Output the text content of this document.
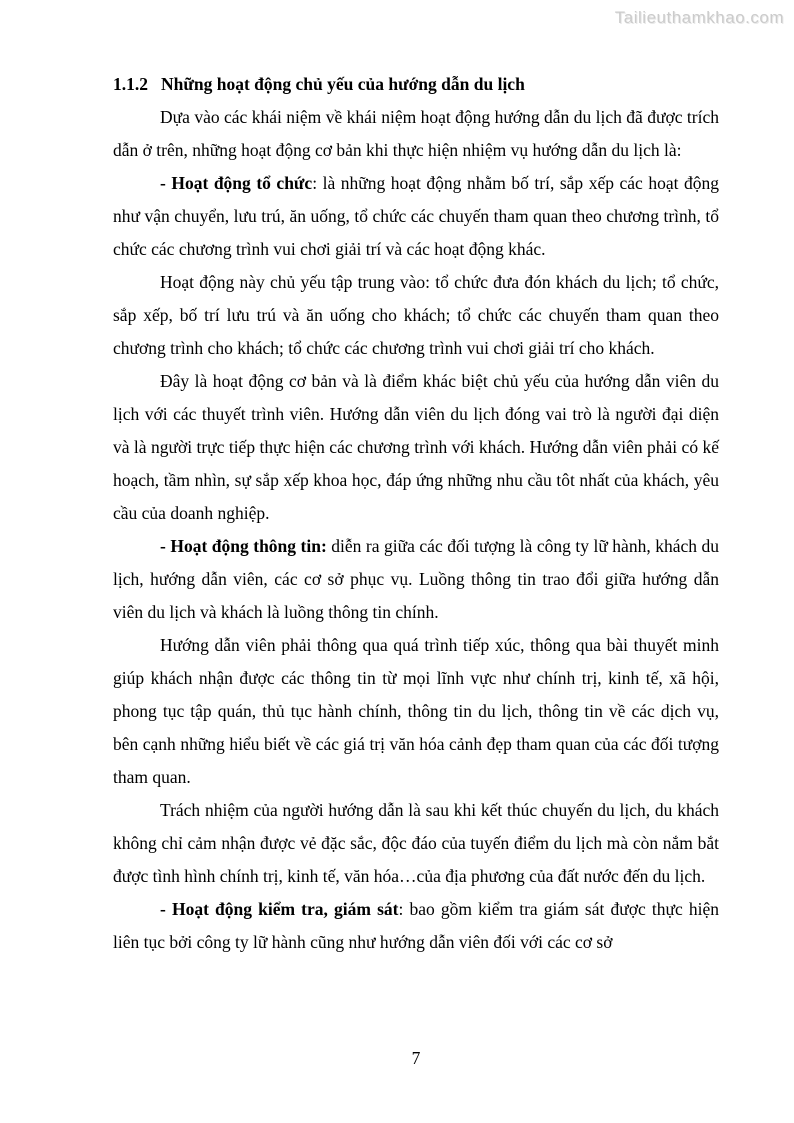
Tailieuthamkhao.com
1.1.2 Những hoạt động chủ yếu của hướng dẫn du lịch

Dựa vào các khái niệm về khái niệm hoạt động hướng dẫn du lịch đã được trích dẫn ở trên, những hoạt động cơ bản khi thực hiện nhiệm vụ hướng dẫn du lịch là:

- Hoạt động tổ chức: là những hoạt động nhằm bố trí, sắp xếp các hoạt động như vận chuyển, lưu trú, ăn uống, tổ chức các chuyến tham quan theo chương trình, tổ chức các chương trình vui chơi giải trí và các hoạt động khác.

Hoạt động này chủ yếu tập trung vào: tổ chức đưa đón khách du lịch; tổ chức, sắp xếp, bố trí lưu trú và ăn uống cho khách; tổ chức các chuyến tham quan theo chương trình cho khách; tổ chức các chương trình vui chơi giải trí cho khách.

Đây là hoạt động cơ bản và là điểm khác biệt chủ yếu của hướng dẫn viên du lịch với các thuyết trình viên. Hướng dẫn viên du lịch đóng vai trò là người đại diện và là người trực tiếp thực hiện các chương trình với khách. Hướng dẫn viên phải có kế hoạch, tầm nhìn, sự sắp xếp khoa học, đáp ứng những nhu cầu tôt nhất của khách, yêu cầu của doanh nghiệp.

- Hoạt động thông tin: diễn ra giữa các đối tượng là công ty lữ hành, khách du lịch, hướng dẫn viên, các cơ sở phục vụ. Luồng thông tin trao đổi giữa hướng dẫn viên du lịch và khách là luồng thông tin chính.

Hướng dẫn viên phải thông qua quá trình tiếp xúc, thông qua bài thuyết minh giúp khách nhận được các thông tin từ mọi lĩnh vực như chính trị, kinh tế, xã hội, phong tục tập quán, thủ tục hành chính, thông tin du lịch, thông tin về các dịch vụ, bên cạnh những hiểu biết về các giá trị văn hóa cảnh đẹp tham quan của các đối tượng tham quan.

Trách nhiệm của người hướng dẫn là sau khi kết thúc chuyến du lịch, du khách không chỉ cảm nhận được vẻ đặc sắc, độc đáo của tuyến điểm du lịch mà còn nắm bắt được tình hình chính trị, kinh tế, văn hóa…của địa phương của đất nước đến du lịch.

- Hoạt động kiểm tra, giám sát: bao gồm kiểm tra giám sát được thực hiện liên tục bởi công ty lữ hành cũng như hướng dẫn viên đối với các cơ sở

7
